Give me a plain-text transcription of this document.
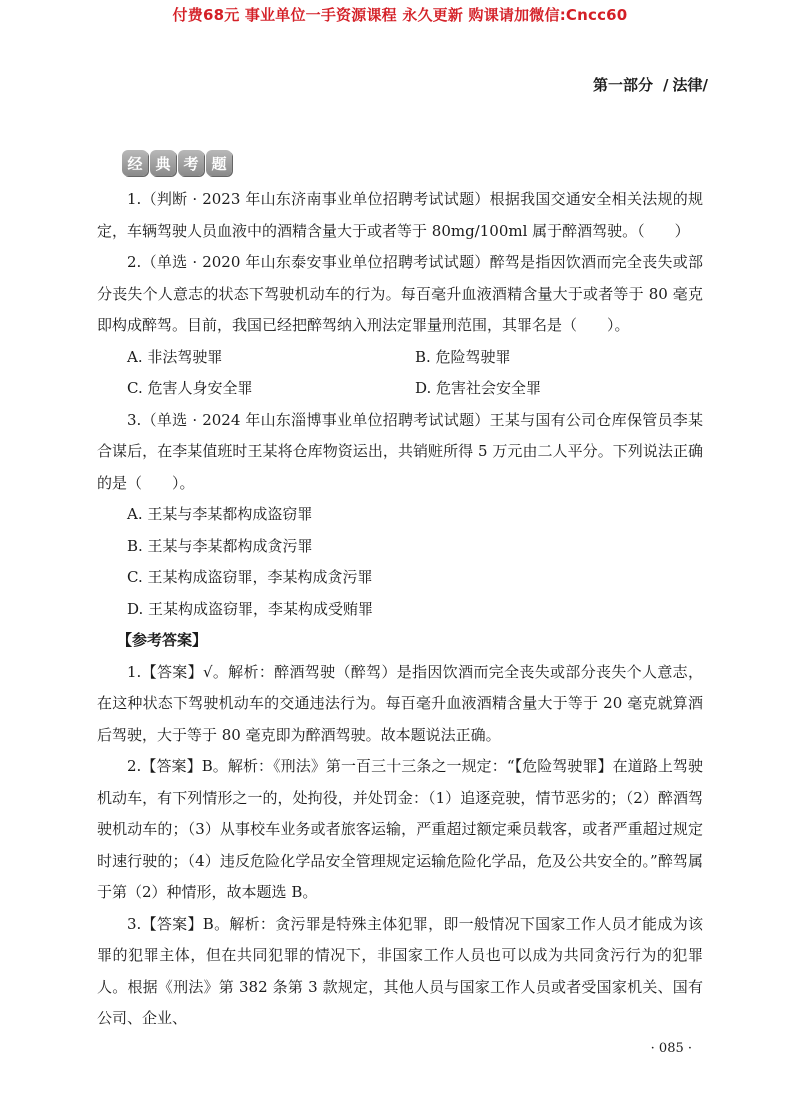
付费68元 事业单位一手资源课程 永久更新 购课请加微信:Cncc60
第一部分 / 法律/
经 典 考 题

1.（判断 · 2023 年山东济南事业单位招聘考试试题）根据我国交通安全相关法规的规定，车辆驾驶人员血液中的酒精含量大于或者等于 80mg/100ml 属于醉酒驾驶。（　　）

2.（单选 · 2020 年山东泰安事业单位招聘考试试题）醉驾是指因饮酒而完全丧失或部分丧失个人意志的状态下驾驶机动车的行为。每百毫升血液酒精含量大于或者等于 80 毫克即构成醉驾。目前，我国已经把醉驾纳入刑法定罪量刑范围，其罪名是（　　）。

A. 非法驾驶罪	B. 危险驾驶罪
C. 危害人身安全罪	D. 危害社会安全罪

3.（单选 · 2024 年山东淄博事业单位招聘考试试题）王某与国有公司仓库保管员李某合谋后，在李某值班时王某将仓库物资运出，共销赃所得 5 万元由二人平分。下列说法正确的是（　　）。

A. 王某与李某都构成盗窃罪
B. 王某与李某都构成贪污罪
C. 王某构成盗窃罪，李某构成贪污罪
D. 王某构成盗窃罪，李某构成受贿罪
【参考答案】

1.【答案】√。解析：醉酒驾驶（醉驾）是指因饮酒而完全丧失或部分丧失个人意志，在这种状态下驾驶机动车的交通违法行为。每百毫升血液酒精含量大于等于 20 毫克就算酒后驾驶，大于等于 80 毫克即为醉酒驾驶。故本题说法正确。

2.【答案】B。解析：《刑法》第一百三十三条之一规定：“【危险驾驶罪】在道路上驾驶机动车，有下列情形之一的，处拘役，并处罚金：（1）追逐竞驶，情节恶劣的；（2）醉酒驾驶机动车的；（3）从事校车业务或者旅客运输，严重超过额定乘员载客，或者严重超过规定时速行驶的；（4）违反危险化学品安全管理规定运输危险化学品，危及公共安全的。”醉驾属于第（2）种情形，故本题选 B。

3.【答案】B。解析：贪污罪是特殊主体犯罪，即一般情况下国家工作人员才能成为该罪的犯罪主体，但在共同犯罪的情况下，非国家工作人员也可以成为共同贪污行为的犯罪人。根据《刑法》第 382 条第 3 款规定，其他人员与国家工作人员或者受国家机关、国有公司、企业、

· 085 ·
